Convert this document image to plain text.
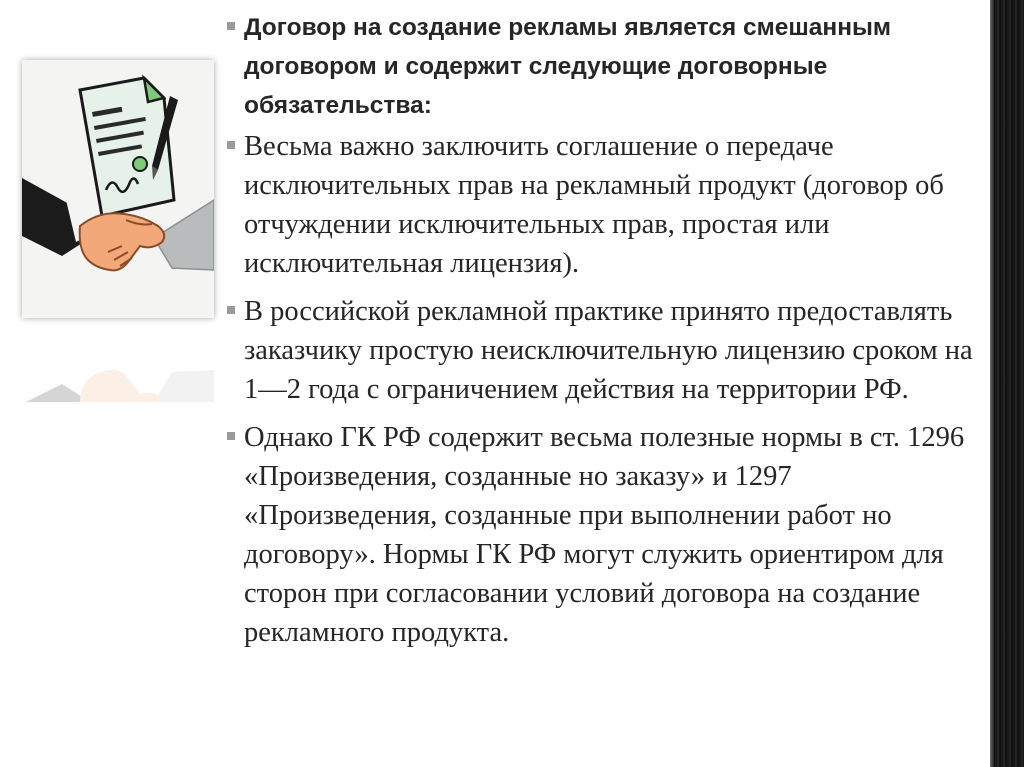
Договор на создание рекламы является смешанным договором и содержит следующие договорные обязательства:
Весьма важно заключить соглашение о передаче исключительных прав на рекламный продукт (договор об отчуждении исключительных прав, простая или исключительная лицензия).
В российской рекламной практике принято предоставлять заказчику простую неисключительную лицензию сроком на 1—2 года с ограничением действия на территории РФ.
Однако ГК РФ содержит весьма полезные нормы в ст. 1296 «Произведения, созданные но заказу» и 1297 «Произведения, созданные при выполнении работ но договору». Нормы ГК РФ могут служить ориентиром для сторон при согласовании условий договора на создание рекламного продукта.
